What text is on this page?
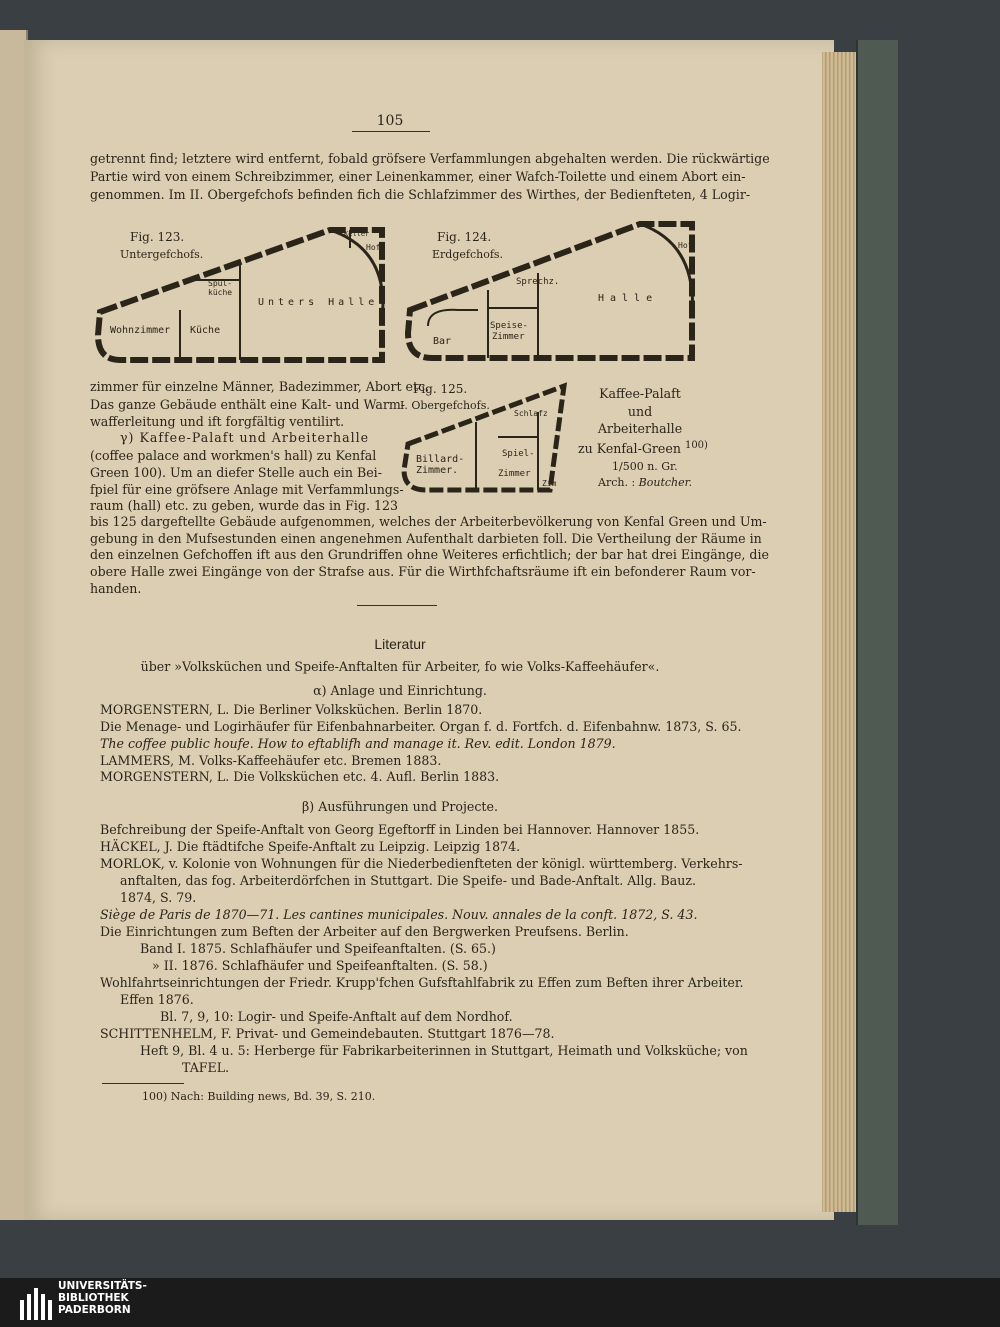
105
getrennt find; letztere wird entfernt, fobald gröfsere Verfammlungen abgehalten werden. Die rückwärtige
Partie wird von einem Schreibzimmer, einer Leinenkammer, einer Wafch-Toilette und einem Abort ein-
genommen. Im II. Obergefchofs befinden fich die Schlafzimmer des Wirthes, der Bedienfteten, 4 Logir-
Fig. 123.
Untergefchofs.
Wohnzimmer Küche
Unters Halle
Hof
Keller
Spül-
küche
Fig. 124.
Erdgefchofs.
Bar
Speise-
Zimmer
Halle
Hof
Sprechz.
Fig. 125.
I. Obergefchofs.
Billard-
Zimmer.
Spiel-
Zimmer
Schlafz
Zim
Kaffee-Palaft
und
Arbeiterhalle
zu Kenfal-Green $^{100)}$
1/500 n. Gr.
Arch. : Boutcher.
zimmer für einzelne Männer, Badezimmer, Abort etc.
Das ganze Gebäude enthält eine Kalt- und Warm-
wafferleitung und ift forgfältig ventilirt.
γ) Kaffee-Palaft und Arbeiterhalle
(coffee palace and workmen's hall) zu Kenfal
Green 100). Um an diefer Stelle auch ein Bei-
fpiel für eine gröfsere Anlage mit Verfammlungs-
raum (hall) etc. zu geben, wurde das in Fig. 123
bis 125 dargeftellte Gebäude aufgenommen, welches der Arbeiterbevölkerung von Kenfal Green und Um-
gebung in den Mufsestunden einen angenehmen Aufenthalt darbieten foll. Die Vertheilung der Räume in
den einzelnen Gefchoffen ift aus den Grundriffen ohne Weiteres erfichtlich; der bar hat drei Eingänge, die
obere Halle zwei Eingänge von der Strafse aus. Für die Wirthfchaftsräume ift ein befonderer Raum vor-
handen.
Literatur
über »Volksküchen und Speife-Anftalten für Arbeiter, fo wie Volks-Kaffeehäufer«.
α) Anlage und Einrichtung.
MORGENSTERN, L. Die Berliner Volksküchen. Berlin 1870.
Die Menage- und Logirhäufer für Eifenbahnarbeiter. Organ f. d. Fortfch. d. Eifenbahnw. 1873, S. 65.
The coffee public houfe. How to eftablifh and manage it. Rev. edit. London 1879.
LAMMERS, M. Volks-Kaffeehäufer etc. Bremen 1883.
MORGENSTERN, L. Die Volksküchen etc. 4. Aufl. Berlin 1883.
β) Ausführungen und Projecte.
Befchreibung der Speife-Anftalt von Georg Egeftorff in Linden bei Hannover. Hannover 1855.
HÄCKEL, J. Die ftädtifche Speife-Anftalt zu Leipzig. Leipzig 1874.
MORLOK, v. Kolonie von Wohnungen für die Niederbedienfteten der königl. württemberg. Verkehrs-
anftalten, das fog. Arbeiterdörfchen in Stuttgart. Die Speife- und Bade-Anftalt. Allg. Bauz.
1874, S. 79.
Siège de Paris de 1870—71. Les cantines municipales. Nouv. annales de la conft. 1872, S. 43.
Die Einrichtungen zum Beften der Arbeiter auf den Bergwerken Preufsens. Berlin.
Band I. 1875. Schlafhäufer und Speifeanftalten. (S. 65.)
» II. 1876. Schlafhäufer und Speifeanftalten. (S. 58.)
Wohlfahrtseinrichtungen der Friedr. Krupp'fchen Gufsftahlfabrik zu Effen zum Beften ihrer Arbeiter.
Effen 1876.
Bl. 7, 9, 10: Logir- und Speife-Anftalt auf dem Nordhof.
SCHITTENHELM, F. Privat- und Gemeindebauten. Stuttgart 1876—78.
Heft 9, Bl. 4 u. 5: Herberge für Fabrikarbeiterinnen in Stuttgart, Heimath und Volksküche; von
TAFEL.
100) Nach: Building news, Bd. 39, S. 210.
UNIVERSITÄTS-
BIBLIOTHEK
PADERBORN
